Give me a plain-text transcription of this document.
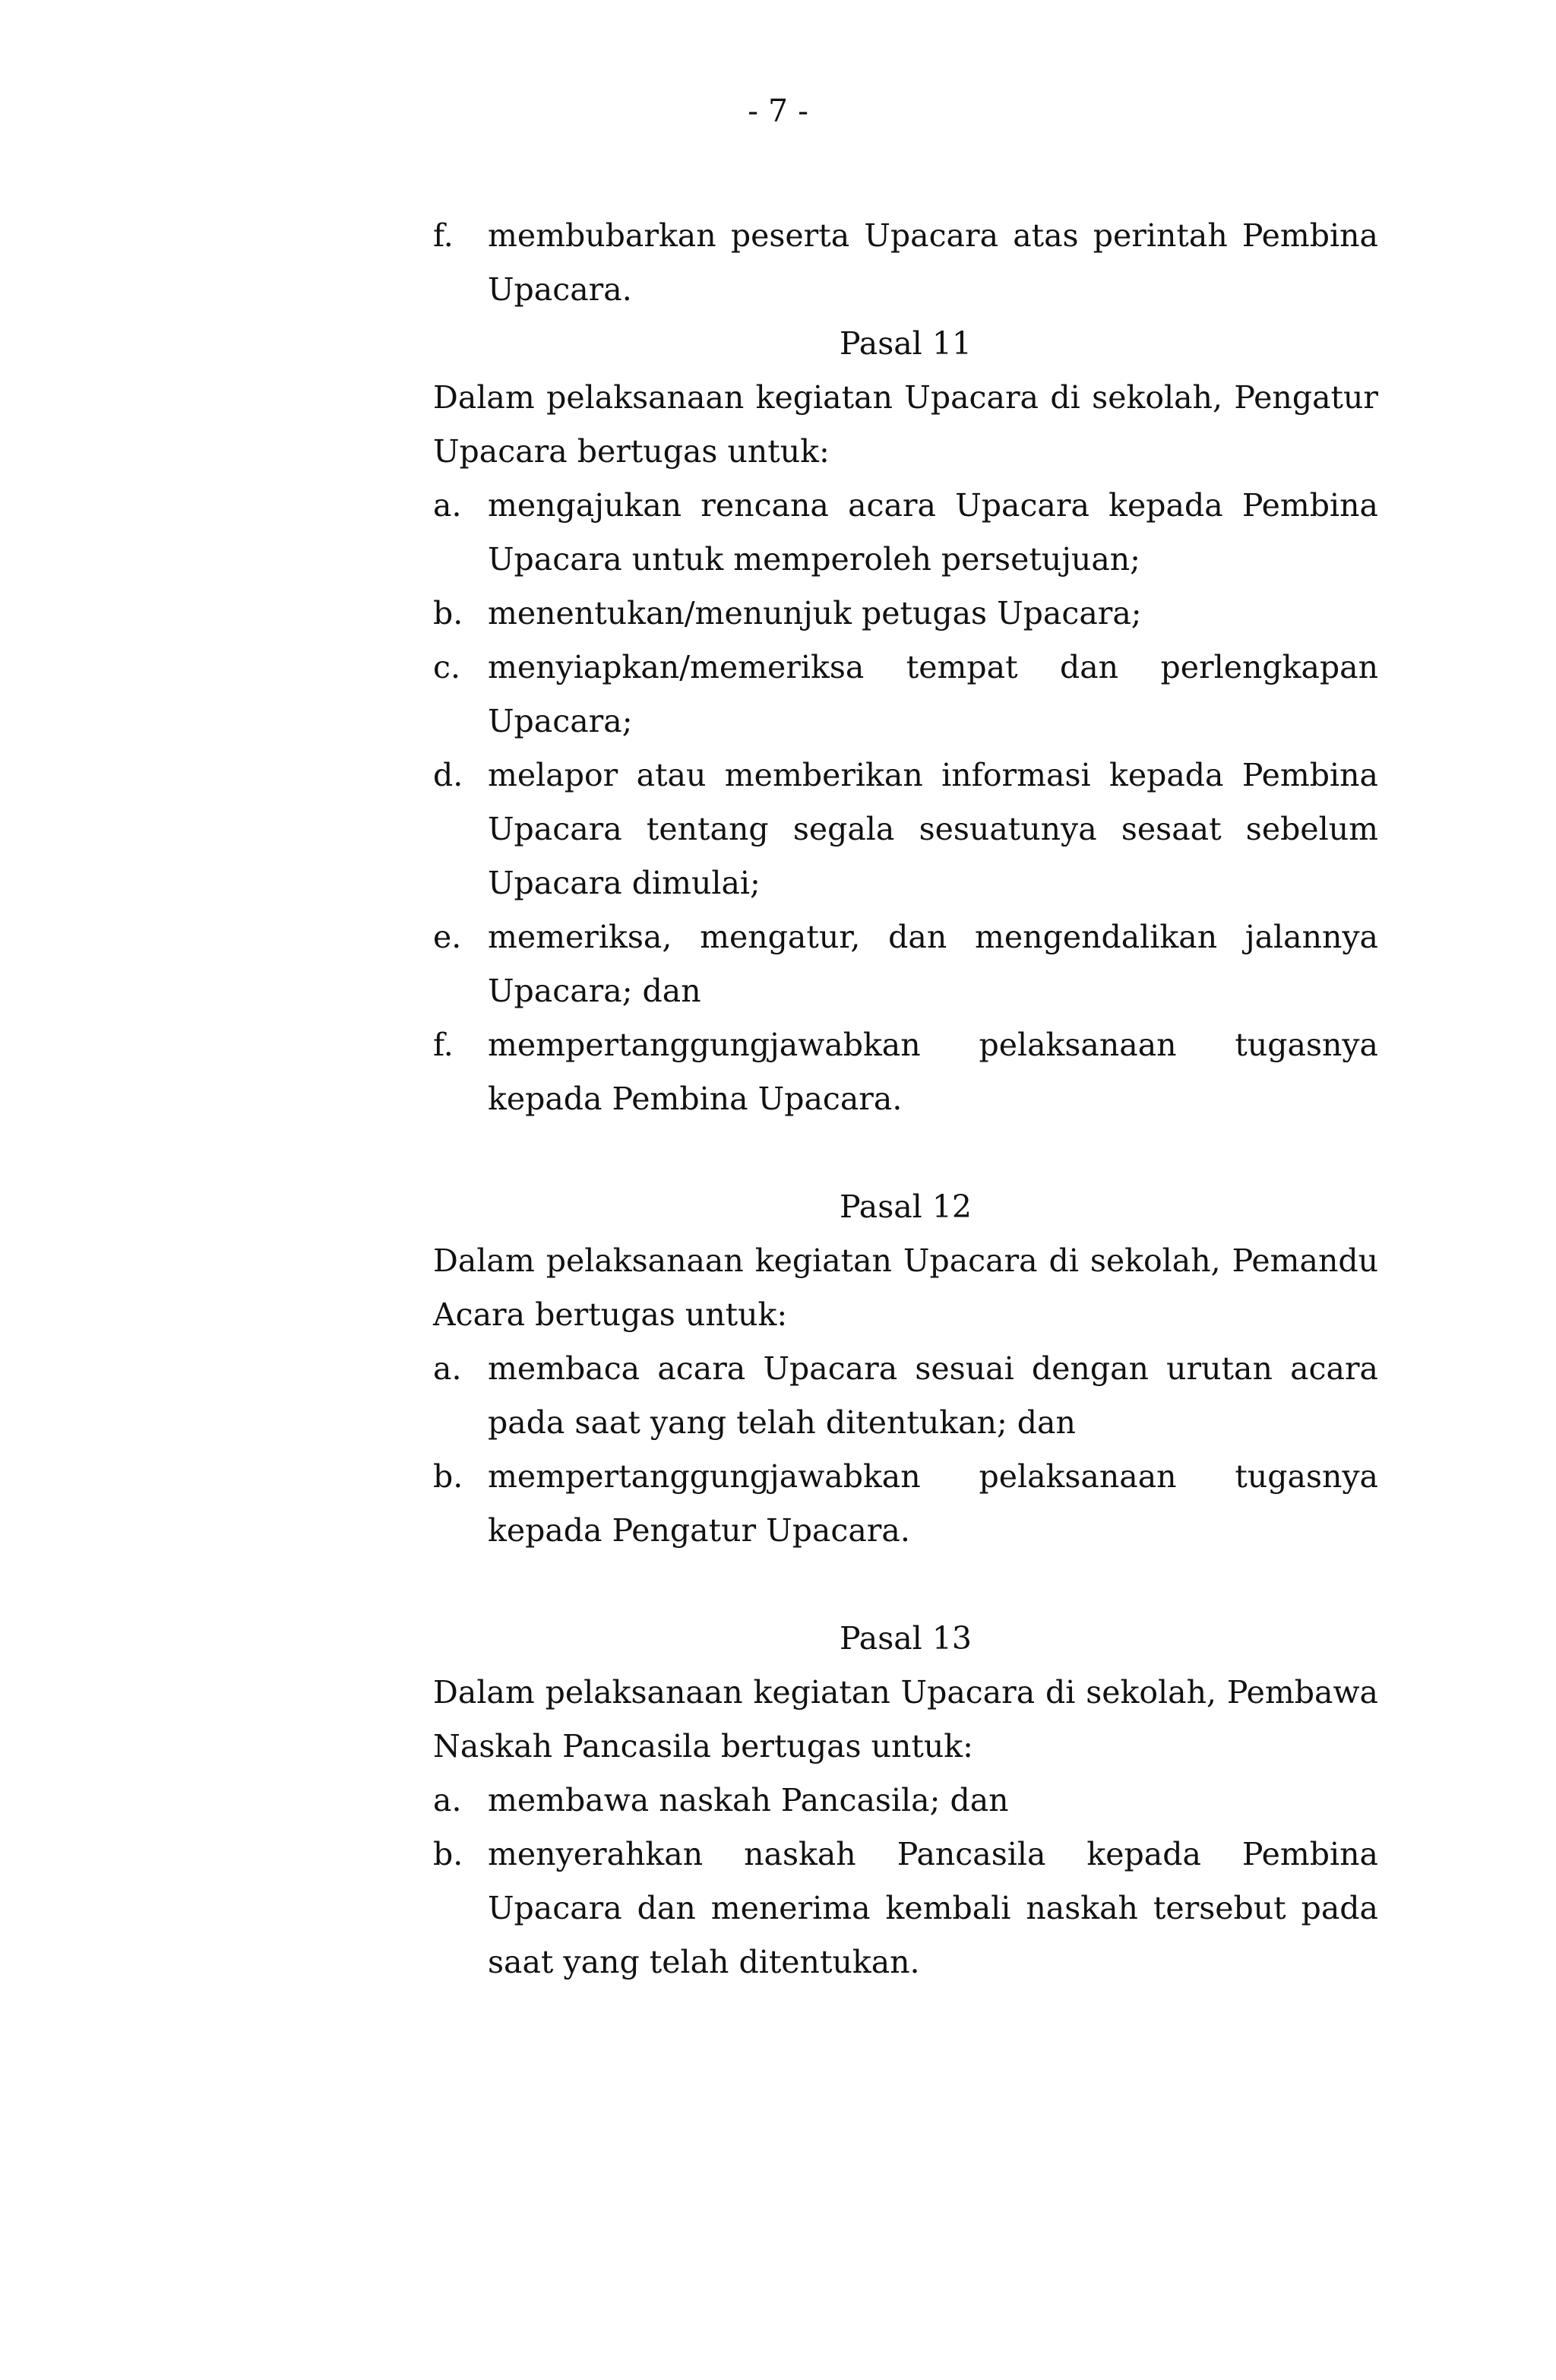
- 7 -
f.	membubarkan peserta Upacara atas perintah Pembina Upacara.
Pasal 11
Dalam pelaksanaan kegiatan Upacara di sekolah, Pengatur Upacara bertugas untuk:
a. mengajukan rencana acara Upacara kepada Pembina Upacara untuk memperoleh persetujuan;
b. menentukan/menunjuk petugas Upacara;
c. menyiapkan/memeriksa tempat dan perlengkapan Upacara;
d. melapor atau memberikan informasi kepada Pembina Upacara tentang segala sesuatunya sesaat sebelum Upacara dimulai;
e. memeriksa, mengatur, dan mengendalikan jalannya Upacara; dan
f.	mempertanggungjawabkan pelaksanaan tugasnya kepada Pembina Upacara.
Pasal 12
Dalam pelaksanaan kegiatan Upacara di sekolah, Pemandu Acara bertugas untuk:
a. membaca acara Upacara sesuai dengan urutan acara pada saat yang telah ditentukan; dan
b. mempertanggungjawabkan pelaksanaan tugasnya kepada Pengatur Upacara.
Pasal 13
Dalam pelaksanaan kegiatan Upacara di sekolah, Pembawa Naskah Pancasila bertugas untuk:
a. membawa naskah Pancasila; dan
b. menyerahkan naskah Pancasila kepada Pembina Upacara dan menerima kembali naskah tersebut pada saat yang telah ditentukan.
